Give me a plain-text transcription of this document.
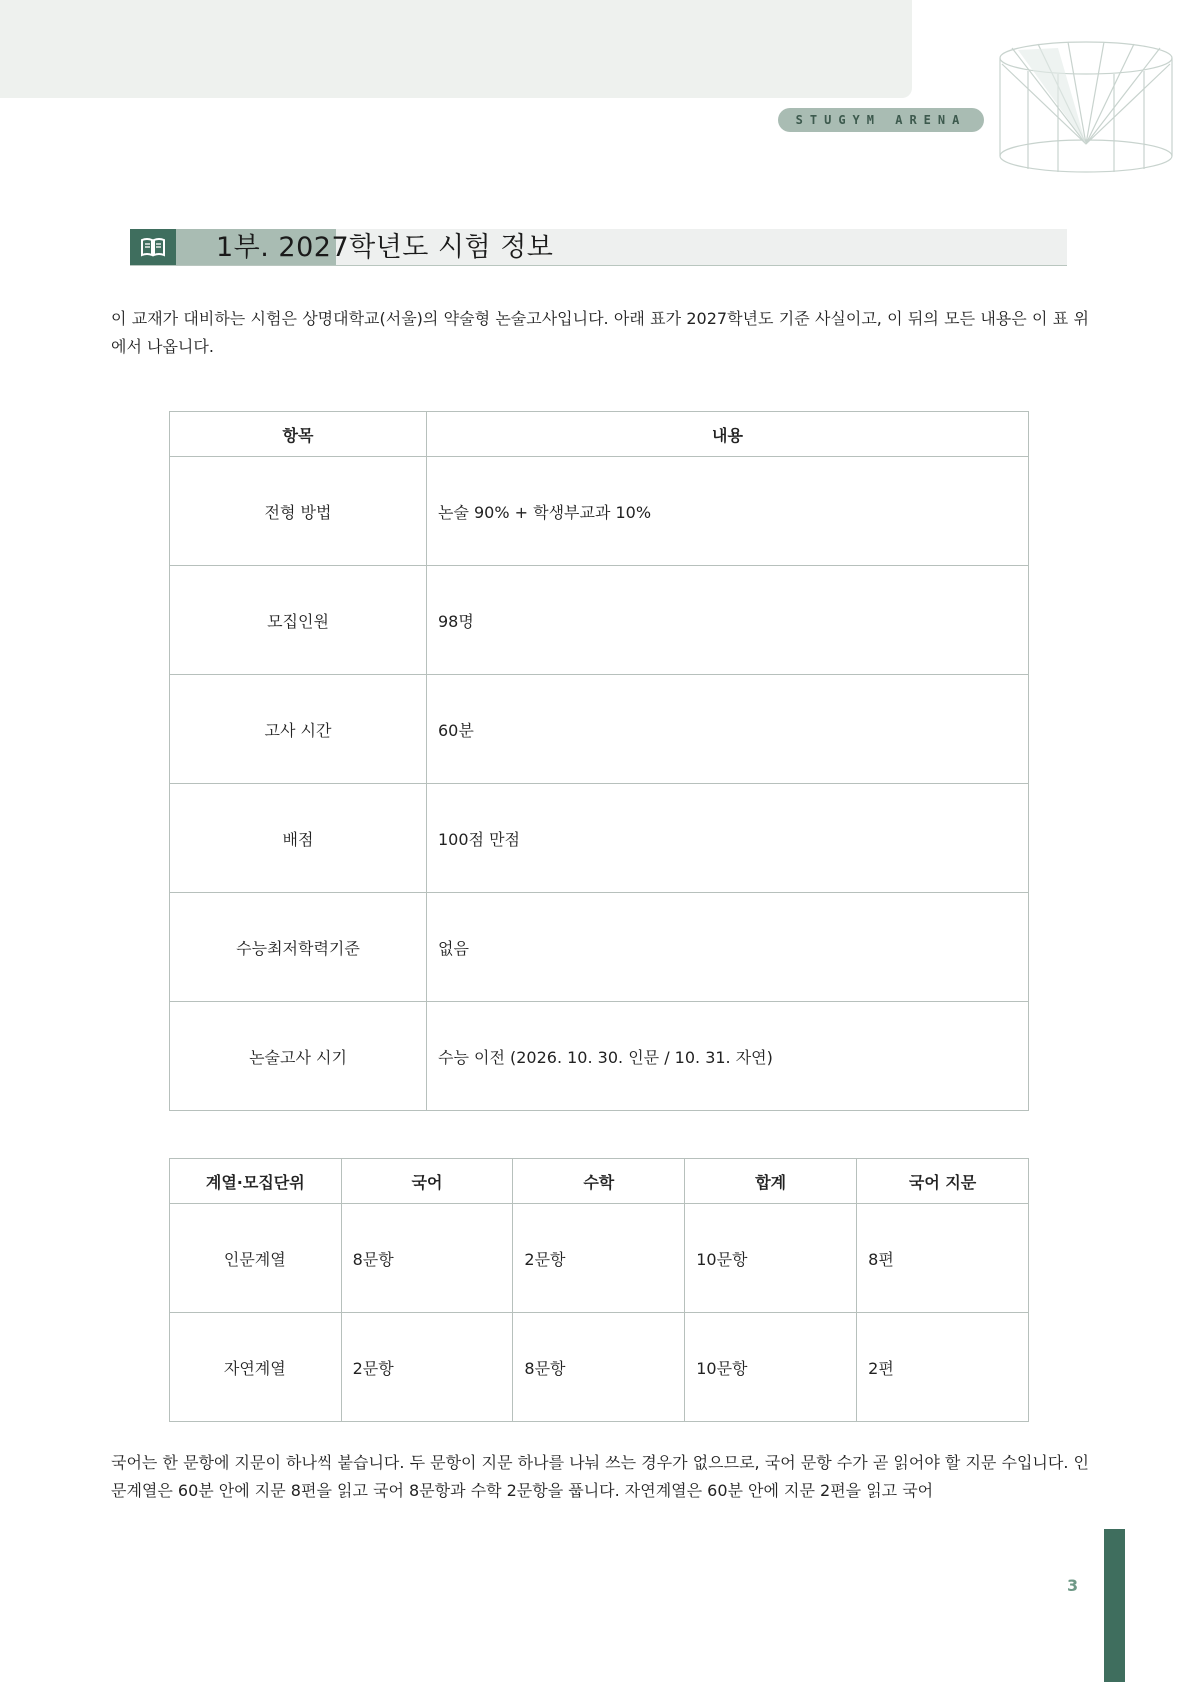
STUGYM ARENA
1부. 2027학년도 시험 정보
이 교재가 대비하는 시험은 상명대학교(서울)의 약술형 논술고사입니다. 아래 표가 2027학년도 기준 사실이고, 이 뒤의 모든 내용은 이 표 위에서 나옵니다.
항목	내용
전형 방법	논술 90% + 학생부교과 10%
모집인원	98명
고사 시간	60분
배점	100점 만점
수능최저학력기준	없음
논술고사 시기	수능 이전 (2026. 10. 30. 인문 / 10. 31. 자연)
계열·모집단위	국어	수학	합계	국어 지문
인문계열	8문항	2문항	10문항	8편
자연계열	2문항	8문항	10문항	2편
국어는 한 문항에 지문이 하나씩 붙습니다. 두 문항이 지문 하나를 나눠 쓰는 경우가 없으므로, 국어 문항 수가 곧 읽어야 할 지문 수입니다. 인문계열은 60분 안에 지문 8편을 읽고 국어 8문항과 수학 2문항을 풉니다. 자연계열은 60분 안에 지문 2편을 읽고 국어
3
